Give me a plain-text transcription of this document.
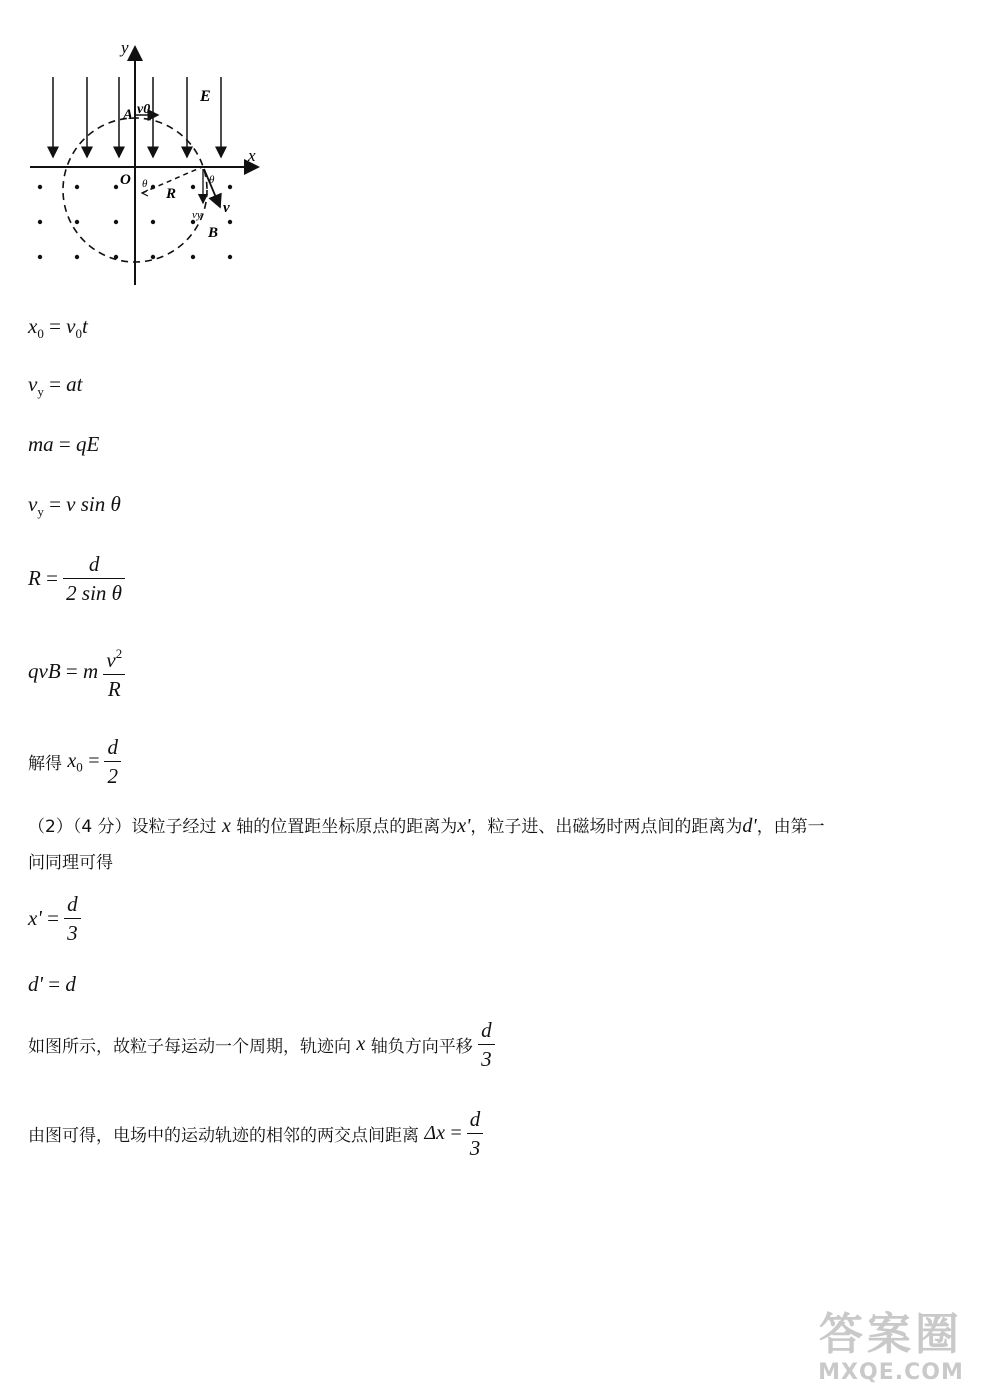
y
x
E
A v0
O θ
R
θ
vy v
B
$x_0 = v_0t$
$v_y$ = at
ma = qE
$v_y = v$ sin θ
$R = \frac{d}{\text{2 sin θ}}$
qvB = m $\frac{v^2}{R}$
解得 $x_0 = \frac{d}{2}$
（2）（4 分）设粒子经过 x 轴的位置距坐标原点的距离为x'，粒子进、出磁场时两点间的距离为d'，由第一
问同理可得
$x' = \frac{d}{3}$
d' = d
如图所示，故粒子每运动一个周期，轨迹向 x 轴负方向平移 $\frac{d}{3}$
由图可得，电场中的运动轨迹的相邻的两交点间距离 $\Delta x = \frac{d}{3}$
答案圈
MXQE.COM
